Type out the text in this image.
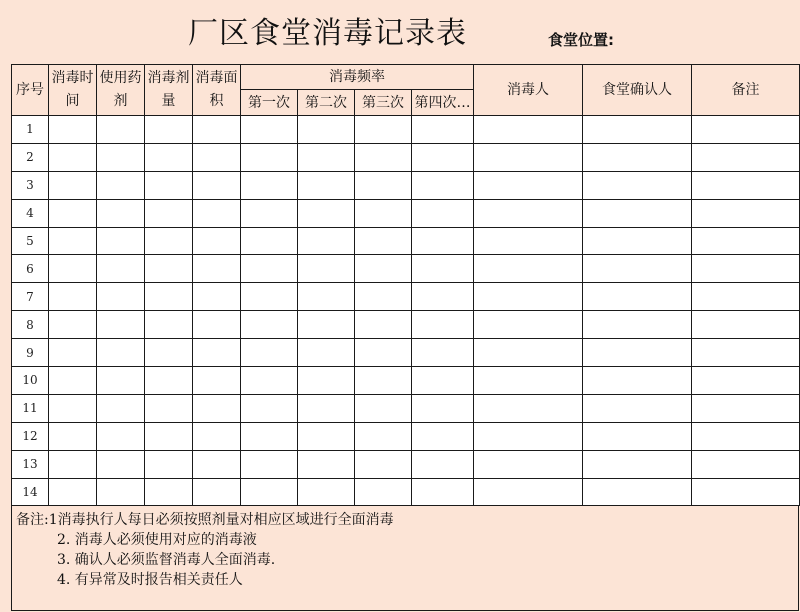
厂区食堂消毒记录表	食堂位置:
序号	消毒时间	使用药剂	消毒剂量	消毒面积	消毒频率				消毒人	食堂确认人	备注
					第一次	第二次	第三次	第四次…			
1											
2											
3											
4											
5											
6											
7											
8											
9											
10											
11											
12											
13											
14											
备注:1消毒执行人每日必须按照剂量对相应区域进行全面消毒
2. 消毒人必须使用对应的消毒液
3. 确认人必须监督消毒人全面消毒.
4. 有异常及时报告相关责任人
